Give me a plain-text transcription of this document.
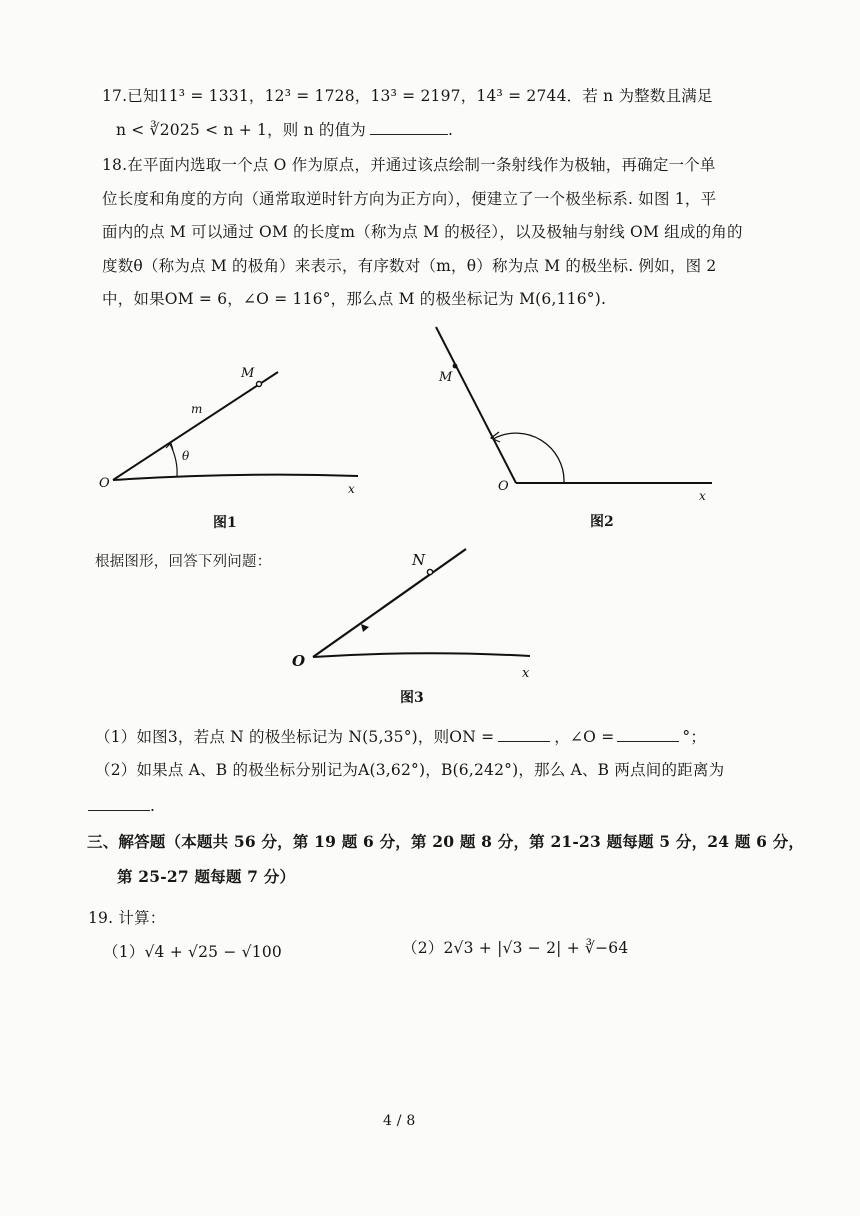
17.已知11³ = 1331，12³ = 1728，13³ = 2197，14³ = 2744．若 n 为整数且满足
n < ∛2025 < n + 1，则 n 的值为	.
18.在平面内选取一个点 O 作为原点，并通过该点绘制一条射线作为极轴，再确定一个单
位长度和角度的方向（通常取逆时针方向为正方向），便建立了一个极坐标系. 如图 1，平
面内的点 M 可以通过 OM 的长度m（称为点 M 的极径），以及极轴与射线 OM 组成的角的
度数θ（称为点 M 的极角）来表示，有序数对（m，θ）称为点 M 的极坐标. 例如，图 2
中，如果OM = 6，∠O = 116°，那么点 M 的极坐标记为 M(6,116°).
M
m
θ
O	x
图1
M
O
x
图2
根据图形，回答下列问题：	N
O
x
图3
（1）如图3，若点 N 的极坐标记为 N(5,35°)，则ON =	，∠O =	°；
（2）如果点 A、B 的极坐标分别记为A(3,62°)，B(6,242°)，那么 A、B 两点间的距离为
.
三、解答题（本题共 56 分，第 19 题 6 分，第 20 题 8 分，第 21-23 题每题 5 分，24 题 6 分，
第 25-27 题每题 7 分）
19. 计算：
（1）√4 + √25 − √100	（2）2√3 + |√3 − 2| + ∛−64
4 / 8
